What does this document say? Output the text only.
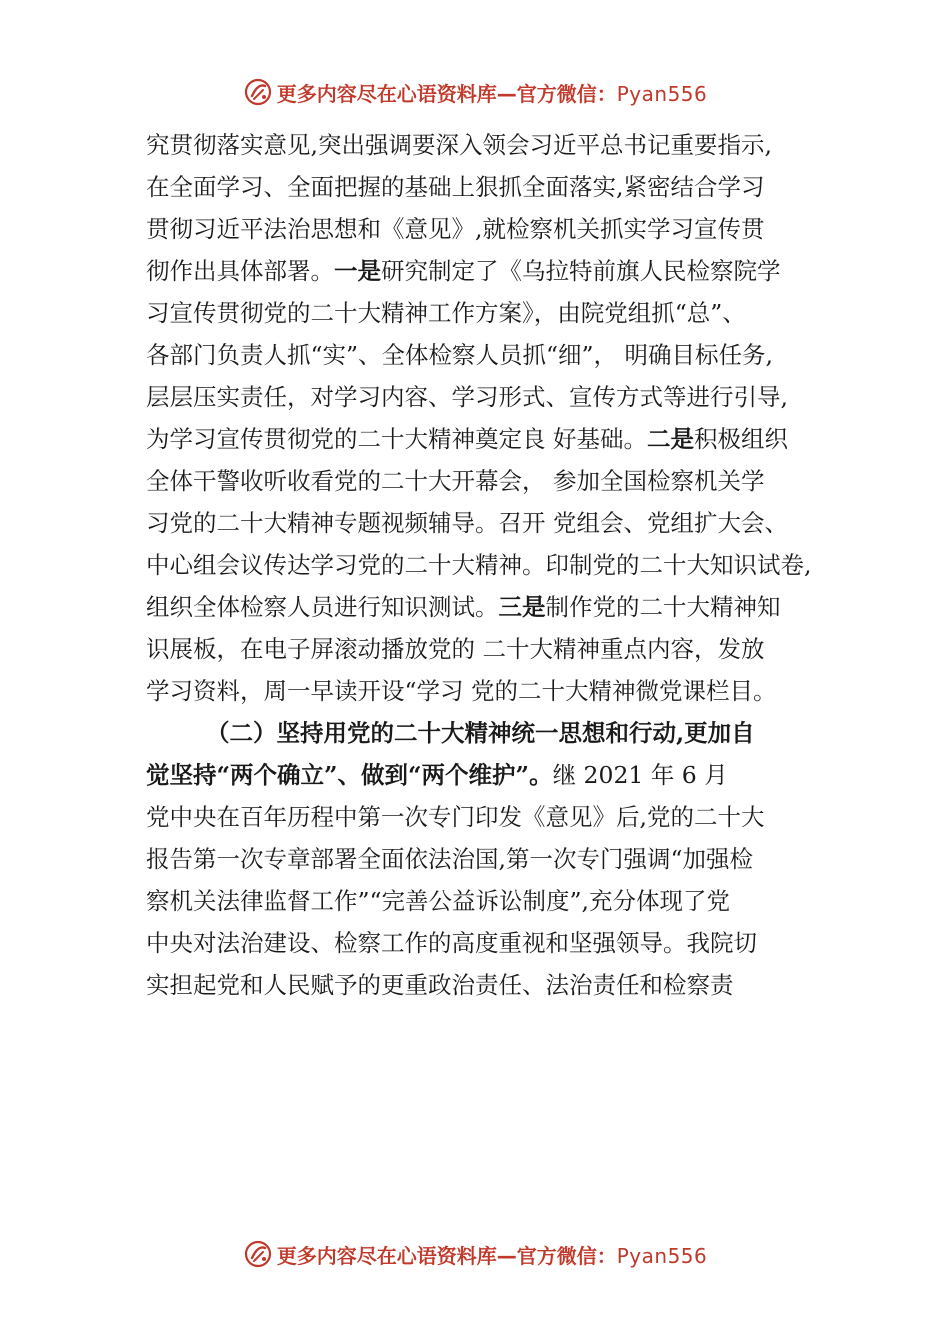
更多内容尽在心语资料库—官方微信：Pyan556
究贯彻落实意见,突出强调要深入领会习近平总书记重要指示,
在全面学习、全面把握的基础上狠抓全面落实,紧密结合学习
贯彻习近平法治思想和《意见》,就检察机关抓实学习宣传贯
彻作出具体部署。一是研究制定了《乌拉特前旗人民检察院学
习宣传贯彻党的二十大精神工作方案》，由院党组抓“总”、
各部门负责人抓“实”、全体检察人员抓“细”， 明确目标任务,
层层压实责任，对学习内容、学习形式、宣传方式等进行引导,
为学习宣传贯彻党的二十大精神奠定良 好基础。二是积极组织
全体干警收听收看党的二十大开幕会， 参加全国检察机关学
习党的二十大精神专题视频辅导。召开 党组会、党组扩大会、
中心组会议传达学习党的二十大精神。印制党的二十大知识试卷,
组织全体检察人员进行知识测试。三是制作党的二十大精神知
识展板，在电子屏滚动播放党的 二十大精神重点内容，发放
学习资料，周一早读开设“学习 党的二十大精神微党课栏目。
（二）坚持用党的二十大精神统一思想和行动,更加自
觉坚持“两个确立”、做到“两个维护”。继 2021 年 6 月
党中央在百年历程中第一次专门印发《意见》后,党的二十大
报告第一次专章部署全面依法治国,第一次专门强调“加强检
察机关法律监督工作”“完善公益诉讼制度”,充分体现了党
中央对法治建设、检察工作的高度重视和坚强领导。我院切
实担起党和人民赋予的更重政治责任、法治责任和检察责
更多内容尽在心语资料库—官方微信：Pyan556
